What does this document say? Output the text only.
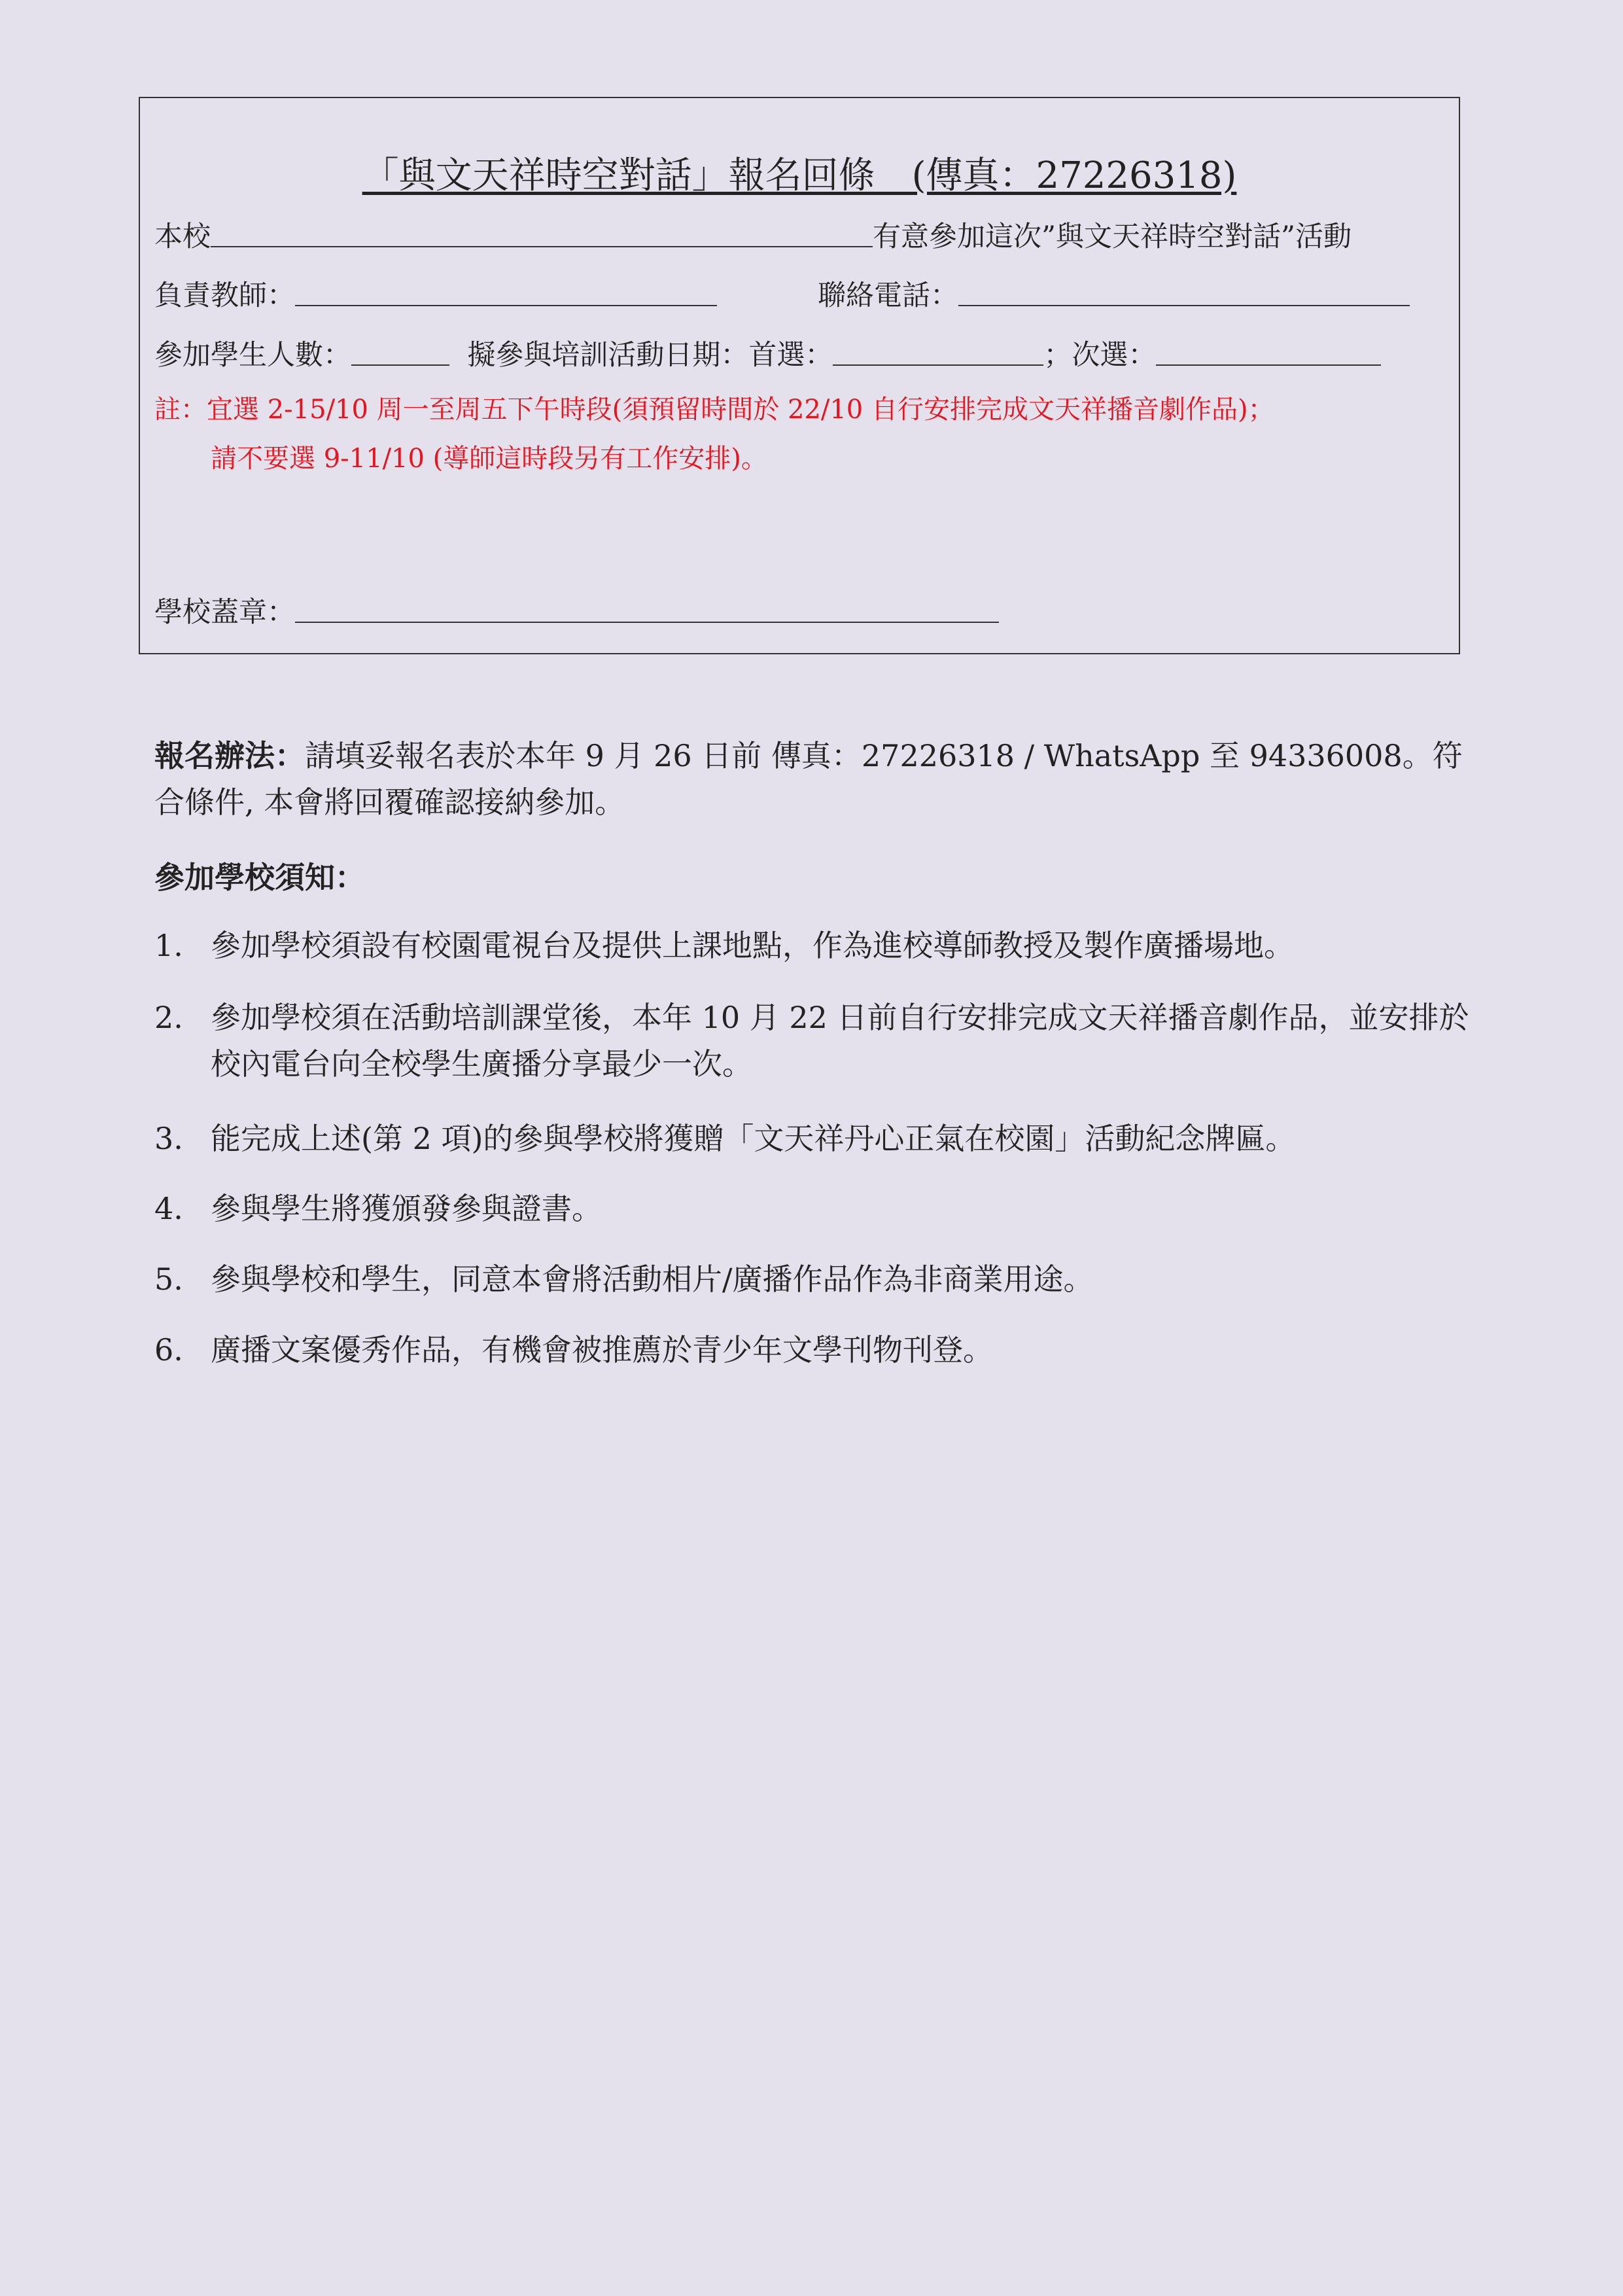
「與文天祥時空對話」報名回條　(傳真：27226318)
本校	有意參加這次”與文天祥時空對話”活動
負責教師：	聯絡電話：
參加學生人數：	擬參與培訓活動日期：首選：	；次選：
註：宜選 2-15/10 周一至周五下午時段(須預留時間於 22/10 自行安排完成文天祥播音劇作品)；
請不要選 9-11/10 (導師這時段另有工作安排)。
學校蓋章：
報名辦法：請填妥報名表於本年 9 月 26 日前 傳真：27226318 / WhatsApp 至 94336008。符合條件, 本會將回覆確認接納參加。
參加學校須知：
1. 參加學校須設有校園電視台及提供上課地點，作為進校導師教授及製作廣播場地。
2. 參加學校須在活動培訓課堂後，本年 10 月 22 日前自行安排完成文天祥播音劇作品，並安排於校內電台向全校學生廣播分享最少一次。
3. 能完成上述(第 2 項)的參與學校將獲贈「文天祥丹心正氣在校園」活動紀念牌匾。
4. 參與學生將獲頒發參與證書。
5. 參與學校和學生，同意本會將活動相片/廣播作品作為非商業用途。
6. 廣播文案優秀作品，有機會被推薦於青少年文學刊物刊登。
